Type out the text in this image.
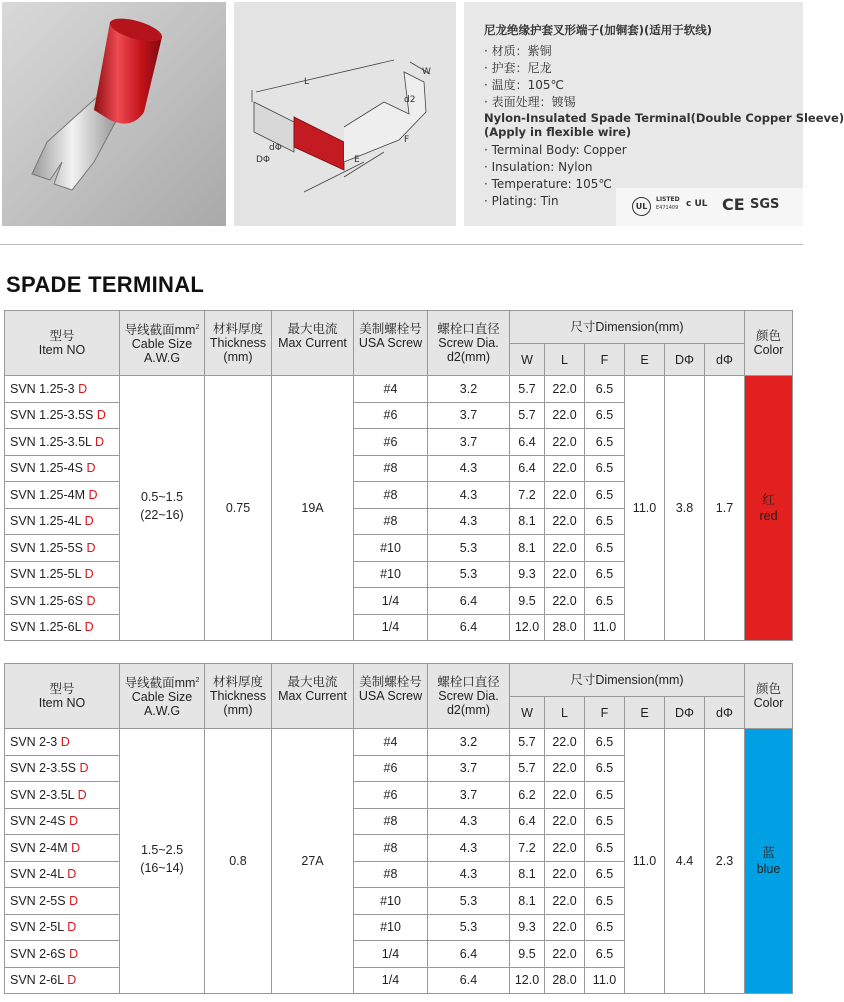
L
W
d2
F
E
dΦ
DΦ
尼龙绝缘护套叉形端子(加铜套)(适用于软线)
· 材质：紫铜
· 护套：尼龙
· 温度：105℃
· 表面处理：镀锡
Nylon-Insulated Spade Terminal(Double Copper Sleeve)
(Apply in flexible wire)
· Terminal Body: Copper
· Insulation: Nylon
· Temperature: 105℃
· Plating: Tin	UL
LISTED
E471409 c UL CE SGS
SPADE TERMINAL
型号
Item NO	导线截面$mm^2$
Cable Size
A.W.G	材料厚度
Thickness
(mm)	最大电流
Max Current	美制螺栓号
USA Screw	螺栓口直径
Screw Dia.
d2(mm)	尺寸Dimension(mm)						颜色
Color
						W	L	F	E	DΦ	dΦ	
SVN 1.25-3 D	0.5~1.5
(22~16)	0.75	19A	#4	3.2	5.7	22.0	6.5	11.0	3.8	1.7	红
red
SVN 1.25-3.5S D				#6	3.7	5.7	22.0	6.5				
SVN 1.25-3.5L D				#6	3.7	6.4	22.0	6.5				
SVN 1.25-4S D				#8	4.3	6.4	22.0	6.5				
SVN 1.25-4M D				#8	4.3	7.2	22.0	6.5				
SVN 1.25-4L D				#8	4.3	8.1	22.0	6.5				
SVN 1.25-5S D				#10	5.3	8.1	22.0	6.5				
SVN 1.25-5L D				#10	5.3	9.3	22.0	6.5				
SVN 1.25-6S D				1/4	6.4	9.5	22.0	6.5				
SVN 1.25-6L D				1/4	6.4	12.0	28.0	11.0				
型号
Item NO	导线截面$mm^2$
Cable Size
A.W.G	材料厚度
Thickness
(mm)	最大电流
Max Current	美制螺栓号
USA Screw	螺栓口直径
Screw Dia.
d2(mm)	尺寸Dimension(mm)						颜色
Color
						W	L	F	E	DΦ	dΦ	
SVN 2-3 D	1.5~2.5
(16~14)	0.8	27A	#4	3.2	5.7	22.0	6.5	11.0	4.4	2.3	蓝
blue
SVN 2-3.5S D				#6	3.7	5.7	22.0	6.5				
SVN 2-3.5L D				#6	3.7	6.2	22.0	6.5				
SVN 2-4S D				#8	4.3	6.4	22.0	6.5				
SVN 2-4M D				#8	4.3	7.2	22.0	6.5				
SVN 2-4L D				#8	4.3	8.1	22.0	6.5				
SVN 2-5S D				#10	5.3	8.1	22.0	6.5				
SVN 2-5L D				#10	5.3	9.3	22.0	6.5				
SVN 2-6S D				1/4	6.4	9.5	22.0	6.5				
SVN 2-6L D				1/4	6.4	12.0	28.0	11.0				
